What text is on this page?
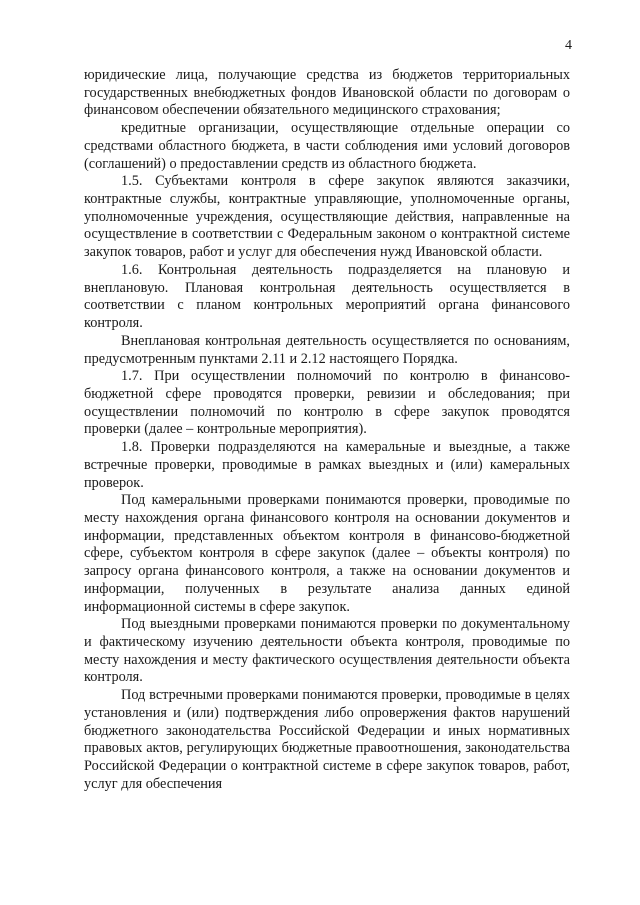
4

юридические лица, получающие средства из бюджетов территориальных государственных внебюджетных фондов Ивановской области по договорам о финансовом обеспечении обязательного медицинского страхования;

кредитные организации, осуществляющие отдельные операции со средствами областного бюджета, в части соблюдения ими условий договоров (соглашений) о предоставлении средств из областного бюджета.

1.5. Субъектами контроля в сфере закупок являются заказчики, контрактные службы, контрактные управляющие, уполномоченные органы, уполномоченные учреждения, осуществляющие действия, направленные на осуществление в соответствии с Федеральным законом о контрактной системе закупок товаров, работ и услуг для обеспечения нужд Ивановской области.

1.6. Контрольная деятельность подразделяется на плановую и внеплановую. Плановая контрольная деятельность осуществляется в соответствии с планом контрольных мероприятий органа финансового контроля.

Внеплановая контрольная деятельность осуществляется по основаниям, предусмотренным пунктами 2.11 и 2.12 настоящего Порядка.

1.7. При осуществлении полномочий по контролю в финансово-бюджетной сфере проводятся проверки, ревизии и обследования; при осуществлении полномочий по контролю в сфере закупок проводятся проверки (далее – контрольные мероприятия).

1.8. Проверки подразделяются на камеральные и выездные, а также встречные проверки, проводимые в рамках выездных и (или) камеральных проверок.

Под камеральными проверками понимаются проверки, проводимые по месту нахождения органа финансового контроля на основании документов и информации, представленных объектом контроля в финансово-бюджетной сфере, субъектом контроля в сфере закупок (далее – объекты контроля) по запросу органа финансового контроля, а также на основании документов и информации, полученных в результате анализа данных единой информационной системы в сфере закупок.

Под выездными проверками понимаются проверки по документальному и фактическому изучению деятельности объекта контроля, проводимые по месту нахождения и месту фактического осуществления деятельности объекта контроля.

Под встречными проверками понимаются проверки, проводимые в целях установления и (или) подтверждения либо опровержения фактов нарушений бюджетного законодательства Российской Федерации и иных нормативных правовых актов, регулирующих бюджетные правоотношения, законодательства Российской Федерации о контрактной системе в сфере закупок товаров, работ, услуг для обеспечения
